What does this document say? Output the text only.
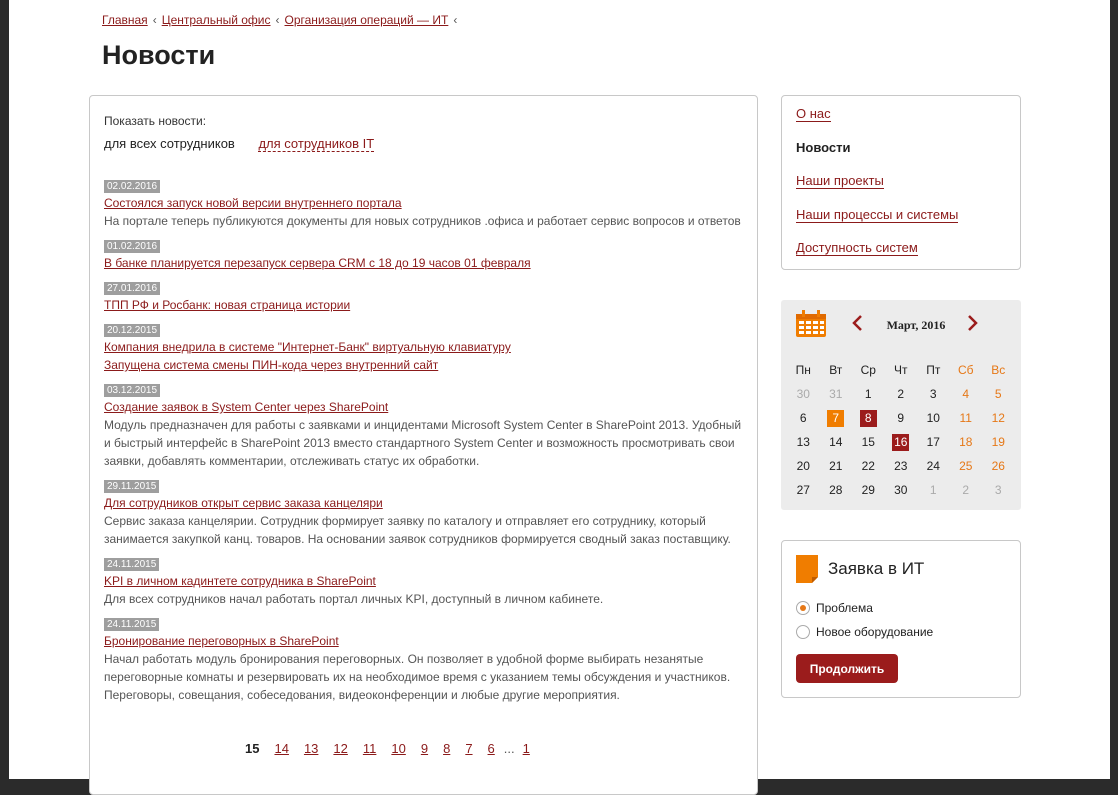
Главная ‹ Центральный офис ‹ Организация операций — ИТ ‹
Новости
Показать новости:
для всех сотрудников для сотрудников IT
02.02.2016
Состоялся запуск новой версии внутреннего портала
На портале теперь публикуются документы для новых сотрудников .офиса и работает сервис вопросов и ответов
01.02.2016
В банке планируется перезапуск сервера CRM с 18 до 19 часов 01 февраля
27.01.2016
ТПП РФ и Росбанк: новая страница истории
20.12.2015
Компания внедрила в системе "Интернет-Банк" виртуальную клавиатуру
Запущена система смены ПИН-кода через внутренний сайт
03.12.2015
Создание заявок в System Center через SharePoint
Модуль предназначен для работы с заявками и инцидентами Microsoft System Center в SharePoint 2013. Удобный и быстрый интерфейс в SharePoint 2013 вместо стандартного System Center и возможность просмотривать свои заявки, добавлять комментарии, отслеживать статус их обработки.
29.11.2015
Для сотрудников открыт сервис заказа канцеляри
Сервис заказа канцелярии. Сотрудник формирует заявку по каталогу и отправляет его сотруднику, который занимается закупкой канц. товаров. На основании заявок сотрудников формируется сводный заказ поставщику.
24.11.2015
KPI в личном кадинтете сотрудника в SharePoint
Для всех сотрудников начал работать портал личных KPI, доступный в личном кабинете.
24.11.2015
Бронирование переговорных в SharePoint
Начал работать модуль бронирования переговорных. Он позволяет в удобной форме выбирать незанятые переговорные комнаты и резервировать их на необходимое время с указанием темы обсуждения и участников. Переговоры, совещания, собеседования, видеоконференции и любые другие мероприятия.
15 14 13 12 11 10 9 8 7 6 ... 1
О нас
Новости
Наши проекты
Наши процессы и системы
Доступность систем
Март, 2016
Пн	Вт	Ср	Чт	Пт	Сб	Вс
30	31	1	2	3	4	5
6	7	8	9	10	11	12
13	14	15	16	17	18	19
20	21	22	23	24	25	26
27	28	29	30	1	2	3
Заявка в ИТ
Проблема
Новое оборудование
Продолжить
